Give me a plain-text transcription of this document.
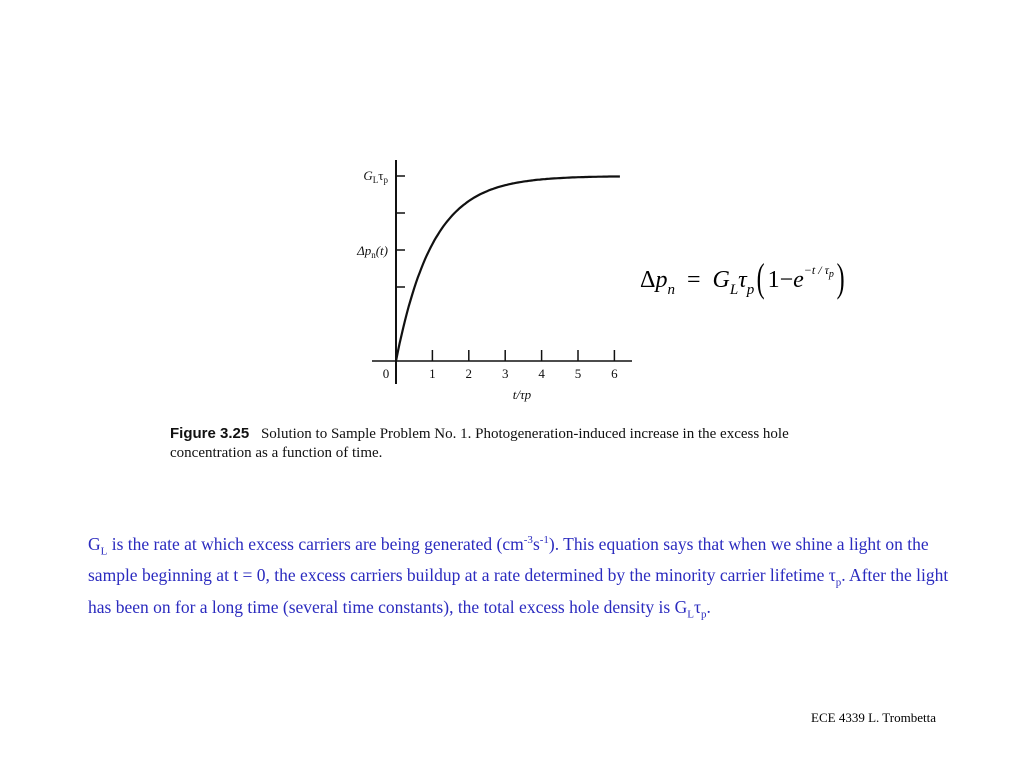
0	1 2 3 4 5 6
$G_L\tau_p$
$\Delta p_n(t)$
t/τp
Figure 3.25 Solution to Sample Problem No. 1. Photogeneration-induced increase in the excess hole concentration as a function of time.
$\Delta p_n = G_L\tau_p$( $1-e^{-t / \tau p}$)
$G_L$ is the rate at which excess carriers are being generated $(cm^{-3}s^{-1})$. This equation says that when we shine a light on the sample beginning at t = 0, the excess carriers buildup at a rate determined by the minority carrier lifetime $\tau_p$. After the light has been on for a long time (several time constants), the total excess hole density is $G_L\tau_p$.
ECE 4339 L. Trombetta
